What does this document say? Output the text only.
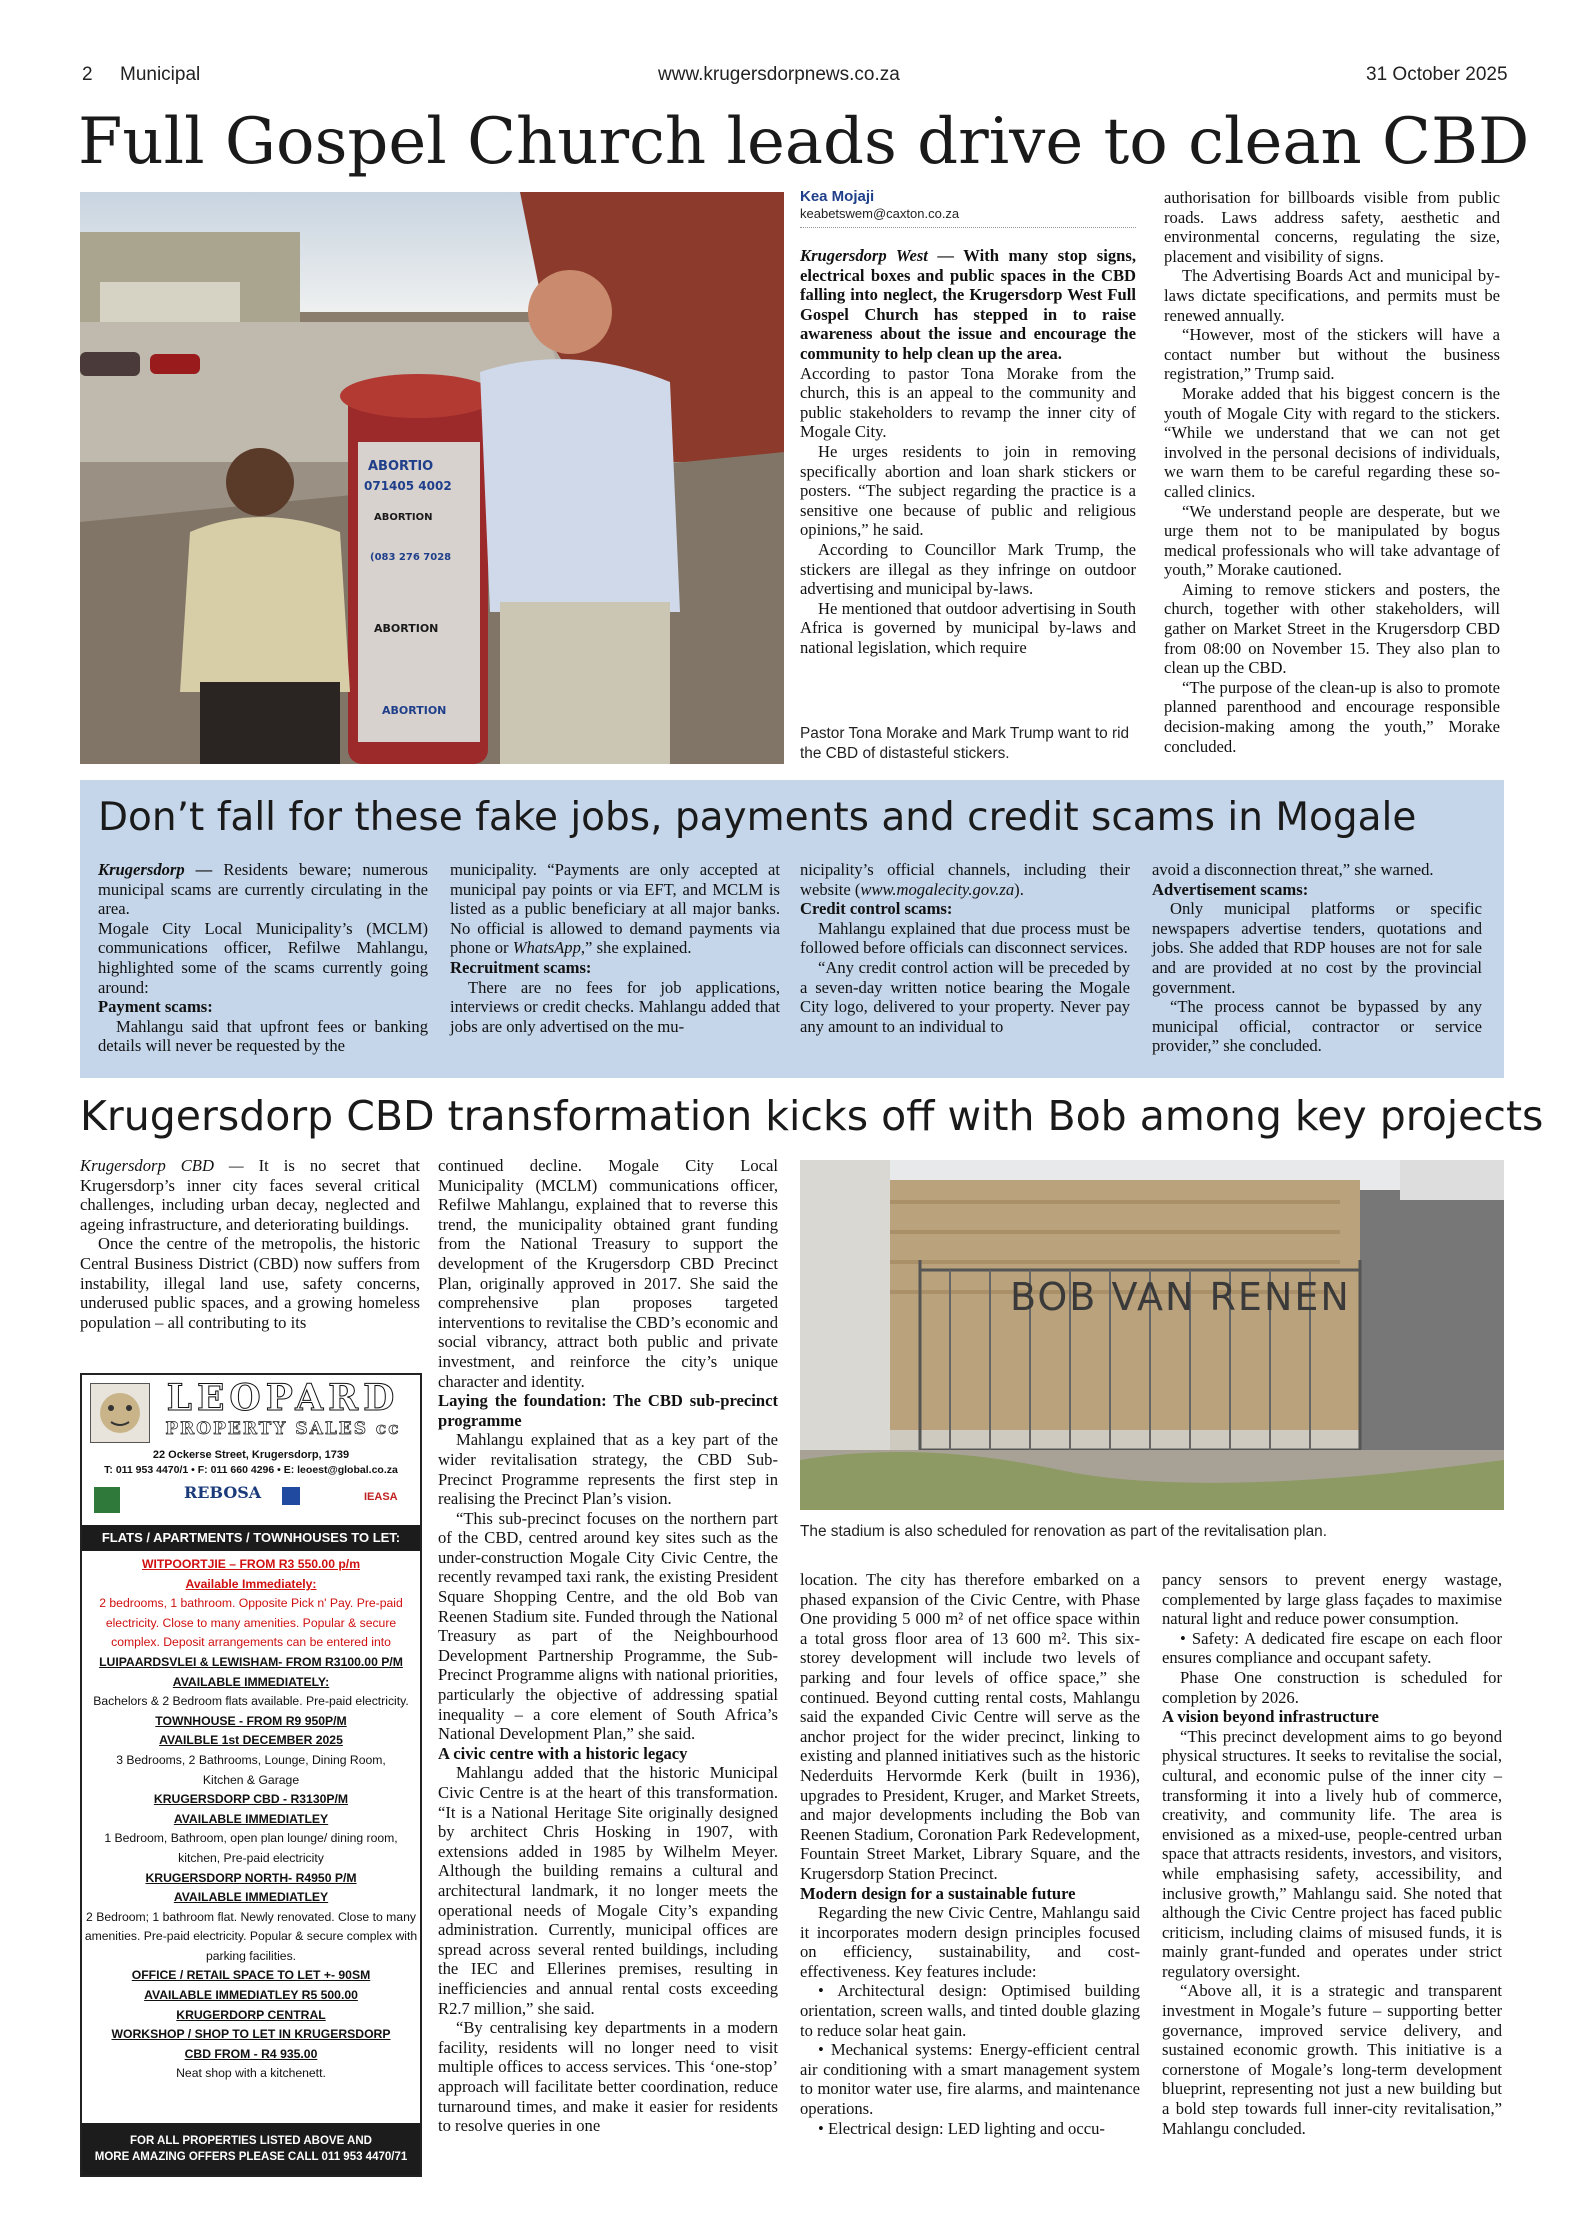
2 Municipal	www.krugersdorpnews.co.za	31 October 2025
Full Gospel Church leads drive to clean CBD
ABORTIO
071405 4002
ABORTION
(083 276 7028
ABORTION
ABORTION
Kea Mojaji
keabetswem@caxton.co.za

Krugersdorp West — With many stop signs, electrical boxes and public spaces in the CBD falling into neglect, the Krugersdorp West Full Gospel Church has stepped in to raise awareness about the issue and encourage the community to help clean up the area.

According to pastor Tona Morake from the church, this is an appeal to the community and public stakeholders to revamp the inner city of Mogale City.

He urges residents to join in removing specifically abortion and loan shark stickers or posters. “The subject regarding the practice is a sensitive one because of public and religious opinions,” he said.

According to Councillor Mark Trump, the stickers are illegal as they infringe on outdoor advertising and municipal by-laws.

He mentioned that outdoor advertising in South Africa is governed by municipal by-laws and national legislation, which require

Pastor Tona Morake and Mark Trump want to rid the CBD of distasteful stickers.

authorisation for billboards visible from public roads. Laws address safety, aesthetic and environmental concerns, regulating the size, placement and visibility of signs.

The Advertising Boards Act and municipal by-laws dictate specifications, and permits must be renewed annually.

“However, most of the stickers will have a contact number but without the business registration,” Trump said.

Morake added that his biggest concern is the youth of Mogale City with regard to the stickers. “While we understand that we can not get involved in the personal decisions of individuals, we warn them to be careful regarding these so-called clinics.

“We understand people are desperate, but we urge them not to be manipulated by bogus medical professionals who will take advantage of youth,” Morake cautioned.

Aiming to remove stickers and posters, the church, together with other stakeholders, will gather on Market Street in the Krugersdorp CBD from 08:00 on November 15. They also plan to clean up the CBD.

“The purpose of the clean-up is also to promote planned parenthood and encourage responsible decision-making among the youth,” Morake concluded.

Don’t fall for these fake jobs, payments and credit scams in Mogale

Krugersdorp — Residents beware; numerous municipal scams are currently circulating in the area.

Mogale City Local Municipality’s (MCLM) communications officer, Refilwe Mahlangu, highlighted some of the scams currently going around:

Payment scams:

Mahlangu said that upfront fees or banking details will never be requested by the

municipality. “Payments are only accepted at municipal pay points or via EFT, and MCLM is listed as a public beneficiary at all major banks. No official is allowed to demand payments via phone or WhatsApp,” she explained.

Recruitment scams:

There are no fees for job applications, interviews or credit checks. Mahlangu added that jobs are only advertised on the mu-

nicipality’s official channels, including their website (www.mogalecity.gov.za).

Credit control scams:

Mahlangu explained that due process must be followed before officials can disconnect services.

“Any credit control action will be preceded by a seven-day written notice bearing the Mogale City logo, delivered to your property. Never pay any amount to an individual to

avoid a disconnection threat,” she warned.

Advertisement scams:

Only municipal platforms or specific newspapers advertise tenders, quotations and jobs. She added that RDP houses are not for sale and are provided at no cost by the provincial government.

“The process cannot be bypassed by any municipal official, contractor or service provider,” she concluded.

Krugersdorp CBD transformation kicks off with Bob among key projects

Krugersdorp CBD — It is no secret that Krugersdorp’s inner city faces several critical challenges, including urban decay, neglected and ageing infrastructure, and deteriorating buildings.

Once the centre of the metropolis, the historic Central Business District (CBD) now suffers from instability, illegal land use, safety concerns, underused public spaces, and a growing homeless population – all contributing to its

LEOPARD
PROPERTY SALES cc
22 Ockerse Street, Krugersdorp, 1739
T: 011 953 4470/1 • F: 011 660 4296 • E: leoest@global.co.za
REBOSA	IEASA
FLATS / APARTMENTS / TOWNHOUSES TO LET:
WITPOORTJIE – FROM R3 550.00 p/m
Available Immediately:
2 bedrooms, 1 bathroom. Opposite Pick n' Pay. Pre-paid
electricity. Close to many amenities. Popular & secure
complex. Deposit arrangements can be entered into
LUIPAARDSVLEI & LEWISHAM- FROM R3100.00 P/M
AVAILABLE IMMEDIATELY:
Bachelors & 2 Bedroom flats available. Pre-paid electricity.
TOWNHOUSE - FROM R9 950P/M
AVAILBLE 1st DECEMBER 2025
3 Bedrooms, 2 Bathrooms, Lounge, Dining Room,
Kitchen & Garage
KRUGERSDORP CBD - R3130P/M
AVAILABLE IMMEDIATLEY
1 Bedroom, Bathroom, open plan lounge/ dining room,
kitchen, Pre-paid electricity
KRUGERSDORP NORTH- R4950 P/M
AVAILABLE IMMEDIATLEY
2 Bedroom; 1 bathroom flat. Newly renovated. Close to many
amenities. Pre-paid electricity. Popular & secure complex with
parking facilities.
OFFICE / RETAIL SPACE TO LET +- 90SM
AVAILABLE IMMEDIATLEY R5 500.00
KRUGERDORP CENTRAL
WORKSHOP / SHOP TO LET IN KRUGERSDORP
CBD FROM - R4 935.00
Neat shop with a kitchenett.
FOR ALL PROPERTIES LISTED ABOVE AND
MORE AMAZING OFFERS PLEASE CALL 011 953 4470/71

continued decline. Mogale City Local Municipality (MCLM) communications officer, Refilwe Mahlangu, explained that to reverse this trend, the municipality obtained grant funding from the National Treasury to support the development of the Krugersdorp CBD Precinct Plan, originally approved in 2017. She said the comprehensive plan proposes targeted interventions to revitalise the CBD’s economic and social vibrancy, attract both public and private investment, and reinforce the city’s unique character and identity.

Laying the foundation: The CBD sub-precinct programme

Mahlangu explained that as a key part of the wider revitalisation strategy, the CBD Sub-Precinct Programme represents the first step in realising the Precinct Plan’s vision.

“This sub-precinct focuses on the northern part of the CBD, centred around key sites such as the under-construction Mogale City Civic Centre, the recently revamped taxi rank, the existing President Square Shopping Centre, and the old Bob van Reenen Stadium site. Funded through the National Treasury as part of the Neighbourhood Development Partnership Programme, the Sub-Precinct Programme aligns with national priorities, particularly the objective of addressing spatial inequality – a core element of South Africa’s National Development Plan,” she said.

A civic centre with a historic legacy

Mahlangu added that the historic Municipal Civic Centre is at the heart of this transformation. “It is a National Heritage Site originally designed by architect Chris Hosking in 1907, with extensions added in 1985 by Wilhelm Meyer. Although the building remains a cultural and architectural landmark, it no longer meets the operational needs of Mogale City’s expanding administration. Currently, municipal offices are spread across several rented buildings, including the IEC and Ellerines premises, resulting in inefficiencies and annual rental costs exceeding R2.7 million,” she said.

“By centralising key departments in a modern facility, residents will no longer need to visit multiple offices to access services. This ‘one-stop’ approach will facilitate better coordination, reduce turnaround times, and make it easier for residents to resolve queries in one

BOB VAN RENEN
The stadium is also scheduled for renovation as part of the revitalisation plan.

location. The city has therefore embarked on a phased expansion of the Civic Centre, with Phase One providing 5 000 m² of net office space within a total gross floor area of 13 600 m². This six-storey development will include two levels of parking and four levels of office space,” she continued. Beyond cutting rental costs, Mahlangu said the expanded Civic Centre will serve as the anchor project for the wider precinct, linking to existing and planned initiatives such as the historic Nederduits Hervormde Kerk (built in 1936), upgrades to President, Kruger, and Market Streets, and major developments including the Bob van Reenen Stadium, Coronation Park Redevelopment, Fountain Street Market, Library Square, and the Krugersdorp Station Precinct.

Modern design for a sustainable future

Regarding the new Civic Centre, Mahlangu said it incorporates modern design principles focused on efficiency, sustainability, and cost-effectiveness. Key features include:

• Architectural design: Optimised building orientation, screen walls, and tinted double glazing to reduce solar heat gain.

• Mechanical systems: Energy-efficient central air conditioning with a smart management system to monitor water use, fire alarms, and maintenance operations.

• Electrical design: LED lighting and occu-

pancy sensors to prevent energy wastage, complemented by large glass façades to maximise natural light and reduce power consumption.

• Safety: A dedicated fire escape on each floor ensures compliance and occupant safety.

Phase One construction is scheduled for completion by 2026.

A vision beyond infrastructure

“This precinct development aims to go beyond physical structures. It seeks to revitalise the social, cultural, and economic pulse of the inner city – transforming it into a lively hub of commerce, creativity, and community life. The area is envisioned as a mixed-use, people-centred urban space that attracts residents, investors, and visitors, while emphasising safety, accessibility, and inclusive growth,” Mahlangu said. She noted that although the Civic Centre project has faced public criticism, including claims of misused funds, it is mainly grant-funded and operates under strict regulatory oversight.

“Above all, it is a strategic and transparent investment in Mogale’s future – supporting better governance, improved service delivery, and sustained economic growth. This initiative is a cornerstone of Mogale’s long-term development blueprint, representing not just a new building but a bold step towards full inner-city revitalisation,” Mahlangu concluded.
